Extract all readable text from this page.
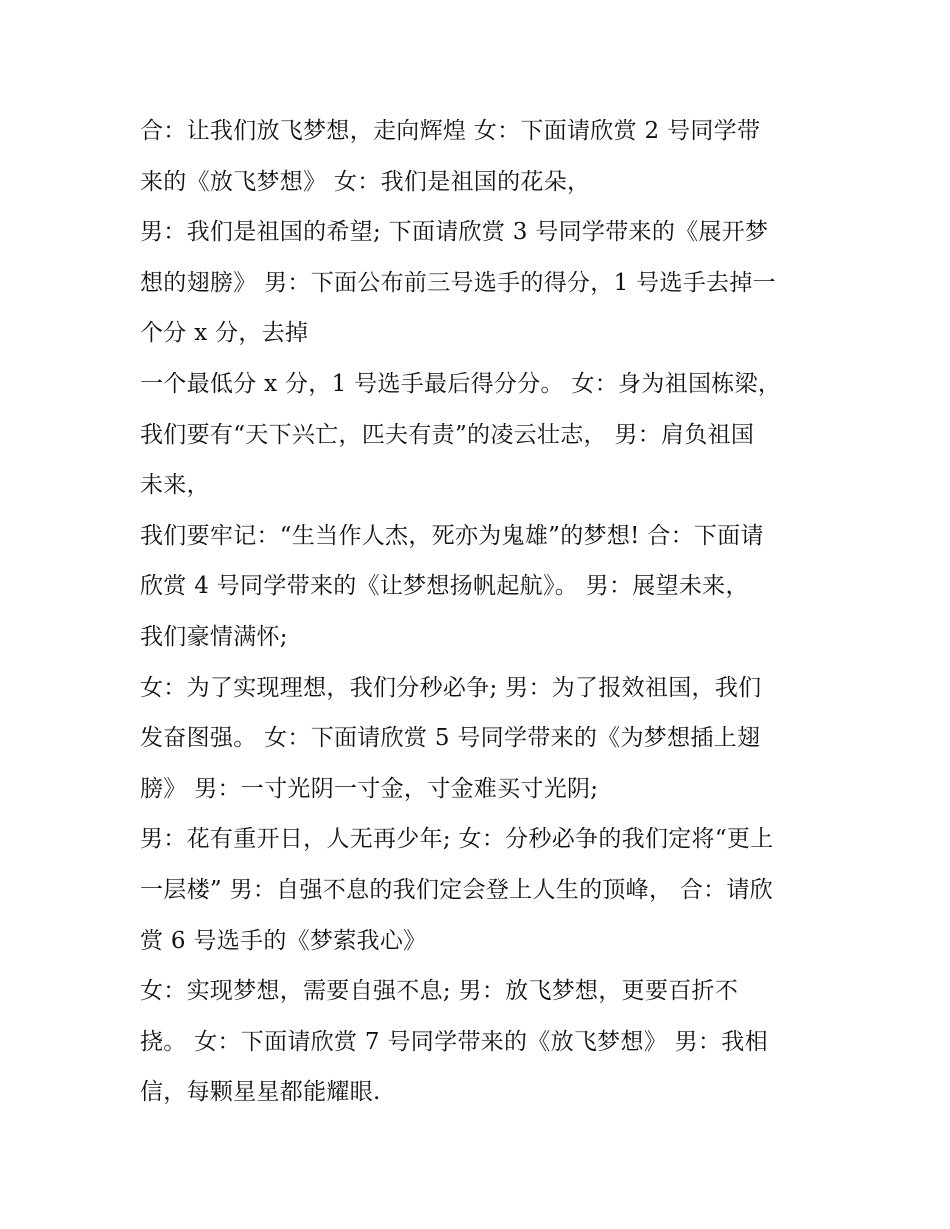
合：让我们放飞梦想，走向辉煌 女：下面请欣赏 2 号同学带
来的《放飞梦想》 女：我们是祖国的花朵，
男：我们是祖国的希望; 下面请欣赏 3 号同学带来的《展开梦
想的翅膀》 男：下面公布前三号选手的得分，1 号选手去掉一
个分 x 分，去掉
一个最低分 x 分，1 号选手最后得分分。 女：身为祖国栋梁，
我们要有“天下兴亡，匹夫有责”的凌云壮志， 男：肩负祖国
未来，
我们要牢记：“生当作人杰，死亦为鬼雄”的梦想! 合：下面请
欣赏 4 号同学带来的《让梦想扬帆起航》。 男：展望未来，
我们豪情满怀;
女：为了实现理想，我们分秒必争; 男：为了报效祖国，我们
发奋图强。 女：下面请欣赏 5 号同学带来的《为梦想插上翅
膀》 男：一寸光阴一寸金，寸金难买寸光阴;
男：花有重开日，人无再少年; 女：分秒必争的我们定将“更上
一层楼” 男：自强不息的我们定会登上人生的顶峰， 合：请欣
赏 6 号选手的《梦萦我心》
女：实现梦想，需要自强不息; 男：放飞梦想，更要百折不
挠。 女：下面请欣赏 7 号同学带来的《放飞梦想》 男：我相
信，每颗星星都能耀眼.
